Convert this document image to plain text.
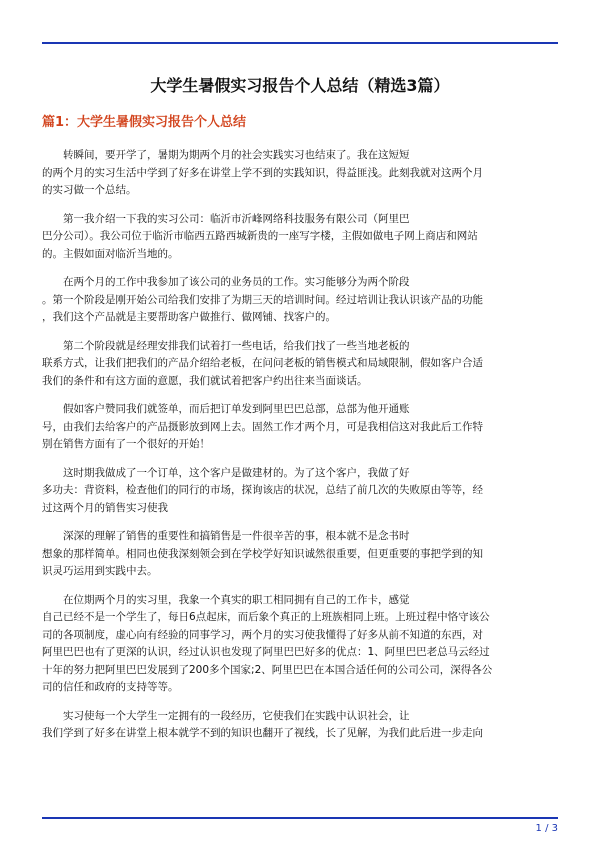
大学生暑假实习报告个人总结（精选3篇）
篇1：大学生暑假实习报告个人总结

转瞬间，要开学了，暑期为期两个月的社会实践实习也结束了。我在这短短
的两个月的实习生活中学到了好多在讲堂上学不到的实践知识，得益匪浅。此刻我就对这两个月
的实习做一个总结。

第一我介绍一下我的实习公司：临沂市沂峰网络科技服务有限公司（阿里巴
巴分公司）。我公司位于临沂市临西五路西城新贵的一座写字楼，主假如做电子网上商店和网站
的。主假如面对临沂当地的。

在两个月的工作中我参加了该公司的业务员的工作。实习能够分为两个阶段
。第一个阶段是刚开始公司给我们安排了为期三天的培训时间。经过培训让我认识该产品的功能
，我们这个产品就是主要帮助客户做推行、做网铺、找客户的。

第二个阶段就是经理安排我们试着打一些电话，给我们找了一些当地老板的
联系方式，让我们把我们的产品介绍给老板，在问问老板的销售模式和局域限制，假如客户合适
我们的条件和有这方面的意愿，我们就试着把客户约出往来当面谈话。

假如客户赞同我们就签单，而后把订单发到阿里巴巴总部，总部为他开通账
号，由我们去给客户的产品摄影放到网上去。固然工作才两个月，可是我相信这对我此后工作特
别在销售方面有了一个很好的开始！

这时期我做成了一个订单，这个客户是做建材的。为了这个客户，我做了好
多功夫：背资料，检查他们的同行的市场，探询该店的状况，总结了前几次的失败原由等等，经
过这两个月的销售实习使我

深深的理解了销售的重要性和搞销售是一件很辛苦的事，根本就不是念书时
想象的那样简单。相同也使我深刻领会到在学校学好知识诚然很重要，但更重要的事把学到的知
识灵巧运用到实践中去。

在位期两个月的实习里，我象一个真实的职工相同拥有自己的工作卡，感觉
自己已经不是一个学生了，每日6点起床，而后象个真正的上班族相同上班。上班过程中恪守该公
司的各项制度，虚心向有经验的同事学习，两个月的实习使我懂得了好多从前不知道的东西，对
阿里巴巴也有了更深的认识，经过认识也发现了阿里巴巴好多的优点：1、阿里巴巴老总马云经过
十年的努力把阿里巴巴发展到了200多个国家;2、阿里巴巴在本国合适任何的公司公司，深得各公
司的信任和政府的支持等等。

实习使每一个大学生一定拥有的一段经历，它使我们在实践中认识社会，让
我们学到了好多在讲堂上根本就学不到的知识也翻开了视线，长了见解，为我们此后进一步走向

1 / 3
